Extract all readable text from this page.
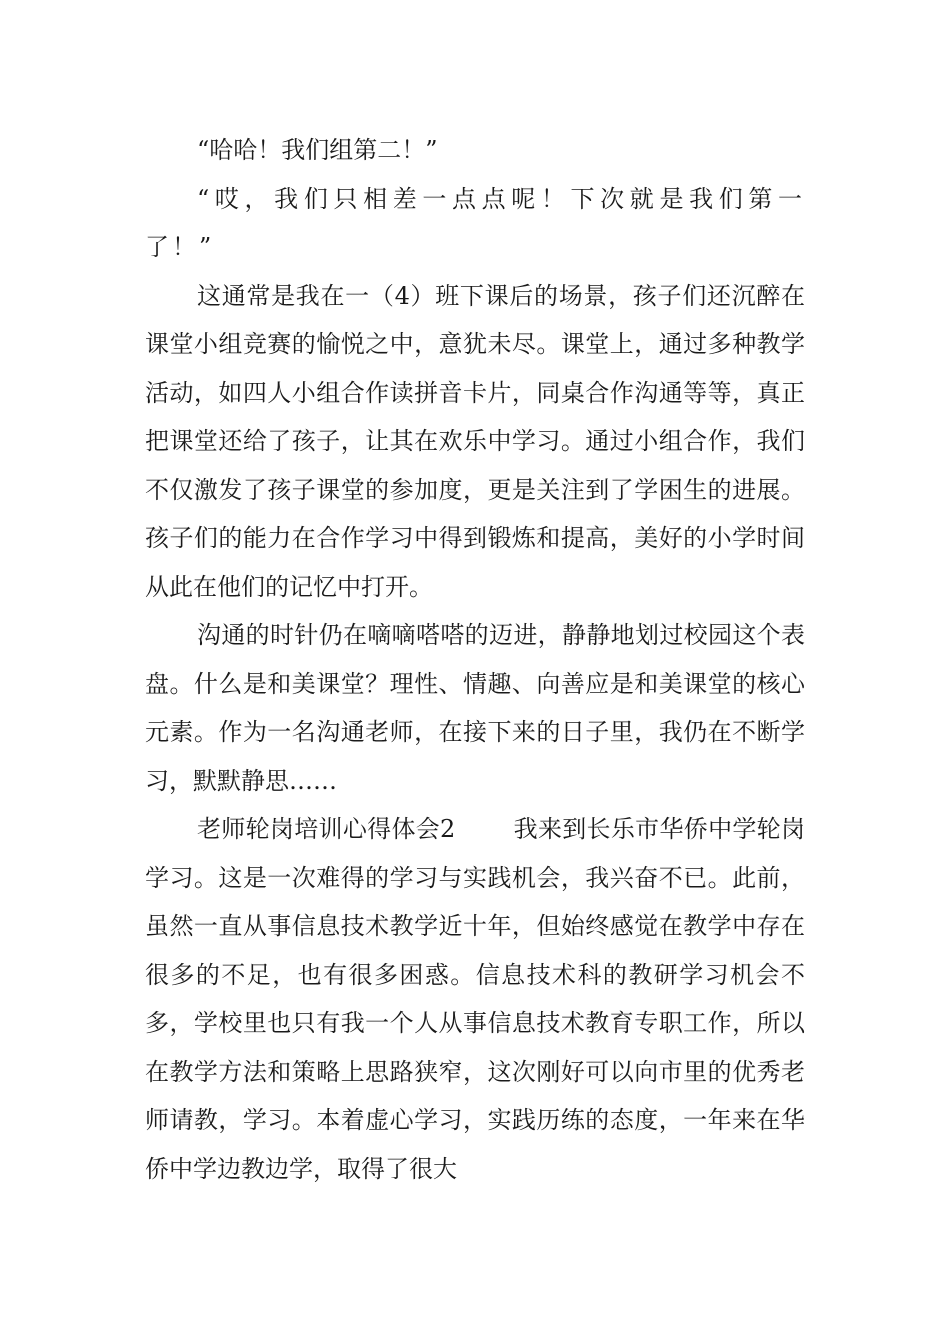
“哈哈！我们组第二！”

“哎，我们只相差一点点呢！下次就是我们第一了！”

这通常是我在一（4）班下课后的场景，孩子们还沉醉在课堂小组竞赛的愉悦之中，意犹未尽。课堂上，通过多种教学活动，如四人小组合作读拼音卡片，同桌合作沟通等等，真正把课堂还给了孩子，让其在欢乐中学习。通过小组合作，我们不仅激发了孩子课堂的参加度，更是关注到了学困生的进展。孩子们的能力在合作学习中得到锻炼和提高，美好的小学时间从此在他们的记忆中打开。

沟通的时针仍在嘀嘀嗒嗒的迈进，静静地划过校园这个表盘。什么是和美课堂？理性、情趣、向善应是和美课堂的核心元素。作为一名沟通老师，在接下来的日子里，我仍在不断学习，默默静思……

老师轮岗培训心得体会2 我来到长乐市华侨中学轮岗学习。这是一次难得的学习与实践机会，我兴奋不已。此前，虽然一直从事信息技术教学近十年，但始终感觉在教学中存在很多的不足，也有很多困惑。信息技术科的教研学习机会不多，学校里也只有我一个人从事信息技术教育专职工作，所以在教学方法和策略上思路狭窄，这次刚好可以向市里的优秀老师请教，学习。本着虚心学习，实践历练的态度，一年来在华侨中学边教边学，取得了很大
